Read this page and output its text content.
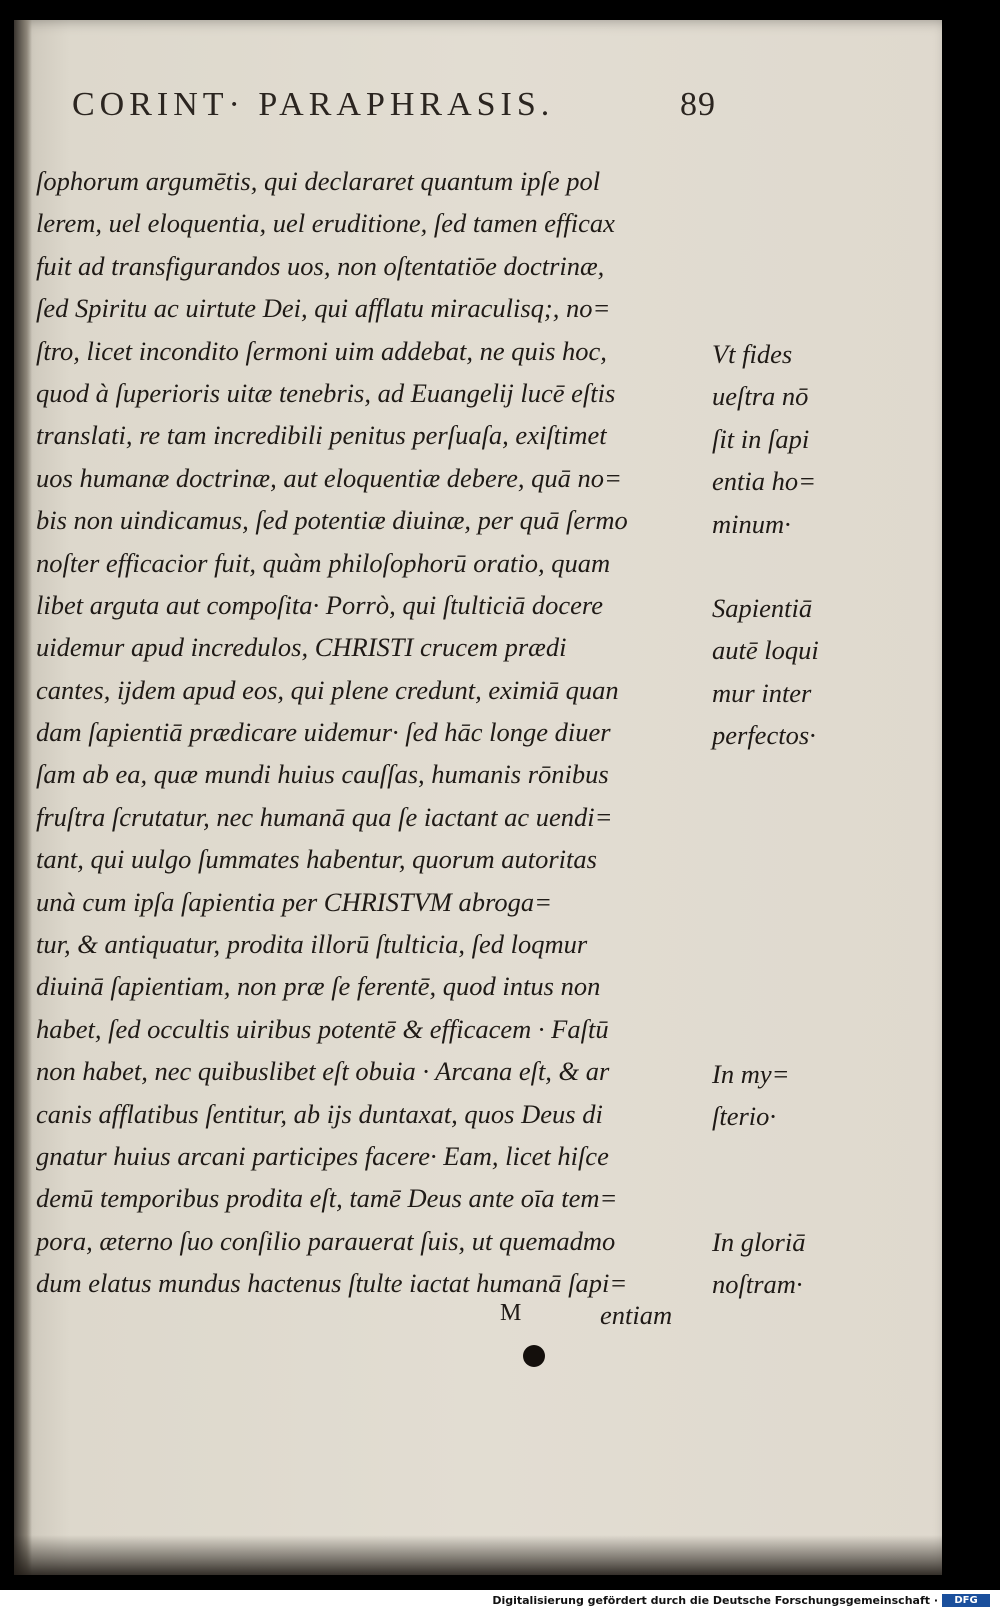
CORINT· PARAPHRASIS.	89
ſophorum argumētis, qui declararet quantum ipſe pol
lerem, uel eloquentia, uel eruditione, ſed tamen efficax
fuit ad transfigurandos uos, non oſtentatiōe doctrinæ,
ſed Spiritu ac uirtute Dei, qui afflatu miraculisq;, no=
ſtro, licet incondito ſermoni uim addebat, ne quis hoc,
quod à ſuperioris uitæ tenebris, ad Euangelij lucē eſtis
translati, re tam incredibili penitus perſuaſa, exiſtimet
uos humanæ doctrinæ, aut eloquentiæ debere, quā no=
bis non uindicamus, ſed potentiæ diuinæ, per quā ſermo
noſter efficacior fuit, quàm philoſophorū oratio, quam
libet arguta aut compoſita· Porrò, qui ſtulticiā docere
uidemur apud incredulos, CHRISTI crucem prædi
cantes, ijdem apud eos, qui plene credunt, eximiā quan
dam ſapientiā prædicare uidemur· ſed hāc longe diuer
ſam ab ea, quæ mundi huius cauſſas, humanis rōnibus
fruſtra ſcrutatur, nec humanā qua ſe iactant ac uendi=
tant, qui uulgo ſummates habentur, quorum autoritas
unà cum ipſa ſapientia per CHRISTVM abroga=
tur, & antiquatur, prodita illorū ſtulticia, ſed loqmur
diuinā ſapientiam, non præ ſe ferentē, quod intus non
habet, ſed occultis uiribus potentē & efficacem · Faſtū
non habet, nec quibuslibet eſt obuia · Arcana eſt, & ar
canis afflatibus ſentitur, ab ijs duntaxat, quos Deus di
gnatur huius arcani participes facere· Eam, licet hiſce
demū temporibus prodita eſt, tamē Deus ante oīa tem=
pora, æterno ſuo conſilio parauerat ſuis, ut quemadmo
dum elatus mundus hactenus ſtulte iactat humanā ſapi=
Vt fides
ueſtra nō
ſit in ſapi
entia ho=
minum·
Sapientiā
autē loqui
mur inter
perfectos·
In my=
ſterio·
In gloriā
noſtram·
M	entiam
Digitalisierung gefördert durch die Deutsche Forschungsgemeinschaft ·	DFG
